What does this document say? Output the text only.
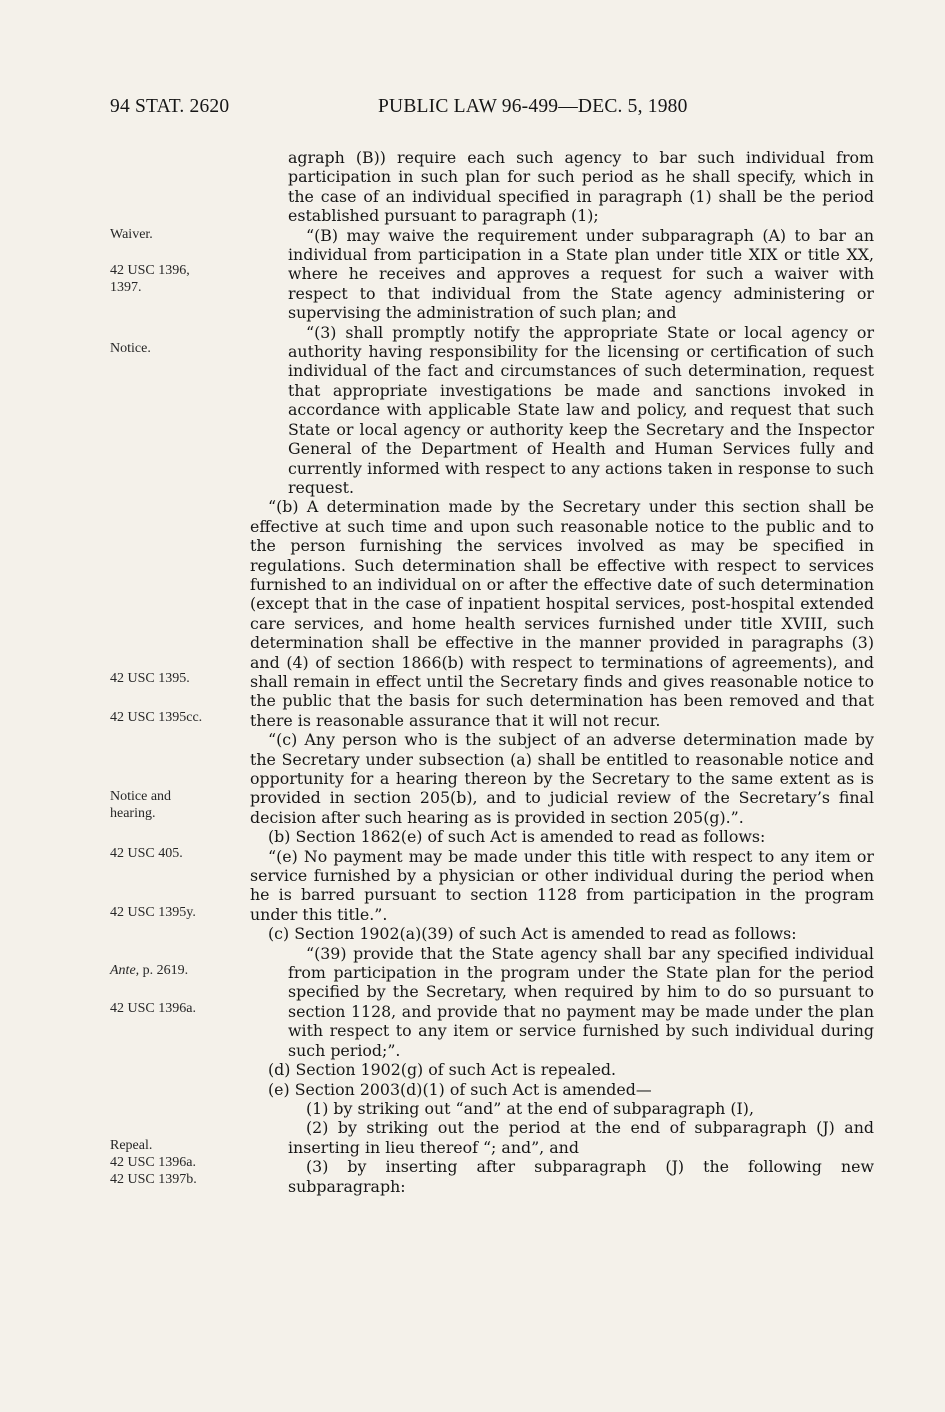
94 STAT. 2620	PUBLIC LAW 96-499—DEC. 5, 1980
Waiver.
42 USC 1396,
1397.
Notice.
42 USC 1395.
42 USC 1395cc.
Notice and
hearing.
42 USC 405.
42 USC 1395y.
Ante, p. 2619.
42 USC 1396a.
Repeal.
42 USC 1396a.
42 USC 1397b.

agraph (B)) require each such agency to bar such individual from participation in such plan for such period as he shall specify, which in the case of an individual specified in paragraph (1) shall be the period established pursuant to paragraph (1);

“(B) may waive the requirement under subparagraph (A) to bar an individual from participation in a State plan under title XIX or title XX, where he receives and approves a request for such a waiver with respect to that individual from the State agency administering or supervising the administration of such plan; and

“(3) shall promptly notify the appropriate State or local agency or authority having responsibility for the licensing or certification of such individual of the fact and circumstances of such determination, request that appropriate investigations be made and sanctions invoked in accordance with applicable State law and policy, and request that such State or local agency or authority keep the Secretary and the Inspector General of the Department of Health and Human Services fully and currently informed with respect to any actions taken in response to such request.

“(b) A determination made by the Secretary under this section shall be effective at such time and upon such reasonable notice to the public and to the person furnishing the services involved as may be specified in regulations. Such determination shall be effective with respect to services furnished to an individual on or after the effective date of such determination (except that in the case of inpatient hospital services, post-hospital extended care services, and home health services furnished under title XVIII, such determination shall be effective in the manner provided in paragraphs (3) and (4) of section 1866(b) with respect to terminations of agreements), and shall remain in effect until the Secretary finds and gives reasonable notice to the public that the basis for such determination has been removed and that there is reasonable assurance that it will not recur.

“(c) Any person who is the subject of an adverse determination made by the Secretary under subsection (a) shall be entitled to reasonable notice and opportunity for a hearing thereon by the Secretary to the same extent as is provided in section 205(b), and to judicial review of the Secretary’s final decision after such hearing as is provided in section 205(g).”.

(b) Section 1862(e) of such Act is amended to read as follows:

“(e) No payment may be made under this title with respect to any item or service furnished by a physician or other individual during the period when he is barred pursuant to section 1128 from participation in the program under this title.”.

(c) Section 1902(a)(39) of such Act is amended to read as follows:

“(39) provide that the State agency shall bar any specified individual from participation in the program under the State plan for the period specified by the Secretary, when required by him to do so pursuant to section 1128, and provide that no payment may be made under the plan with respect to any item or service furnished by such individual during such period;”.

(d) Section 1902(g) of such Act is repealed.

(e) Section 2003(d)(1) of such Act is amended—

(1) by striking out “and” at the end of subparagraph (I),

(2) by striking out the period at the end of subparagraph (J) and inserting in lieu thereof “; and”, and

(3) by inserting after subparagraph (J) the following new subparagraph:
